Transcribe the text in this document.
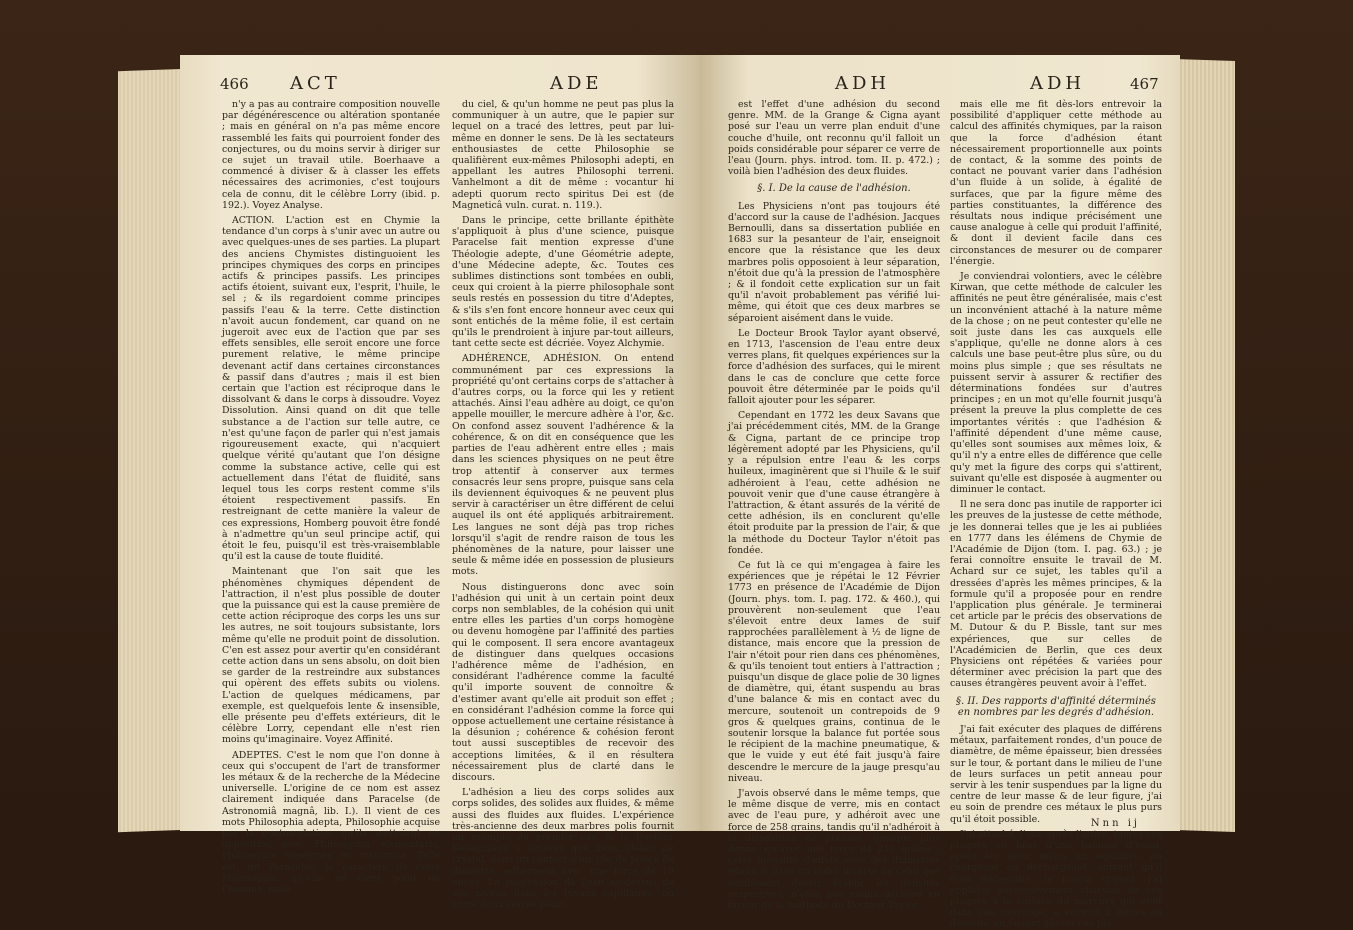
466 ACT	ADE

n'y a pas au contraire composition nouvelle par dégénérescence ou altération spontanée ; mais en général on n'a pas même encore rassemblé les faits qui pourroient fonder des conjectures, ou du moins servir à diriger sur ce sujet un travail utile. Boerhaave a commencé à diviser & à classer les effets nécessaires des acrimonies, c'est toujours cela de connu, dit le célèbre Lorry (ibid. p. 192.). Voyez Analyse.

ACTION. L'action est en Chymie la tendance d'un corps à s'unir avec un autre ou avec quelques-unes de ses parties. La plupart des anciens Chymistes distinguoient les principes chymiques des corps en principes actifs & principes passifs. Les principes actifs étoient, suivant eux, l'esprit, l'huile, le sel ; & ils regardoient comme principes passifs l'eau & la terre. Cette distinction n'avoit aucun fondement, car quand on ne jugeroit avec eux de l'action que par ses effets sensibles, elle seroit encore une force purement relative, le même principe devenant actif dans certaines circonstances & passif dans d'autres ; mais il est bien certain que l'action est réciproque dans le dissolvant & dans le corps à dissoudre. Voyez Dissolution. Ainsi quand on dit que telle substance a de l'action sur telle autre, ce n'est qu'une façon de parler qui n'est jamais rigoureusement exacte, qui n'acquiert quelque vérité qu'autant que l'on désigne comme la substance active, celle qui est actuellement dans l'état de fluidité, sans lequel tous les corps restent comme s'ils étoient respectivement passifs. En restreignant de cette manière la valeur de ces expressions, Homberg pouvoit être fondé à n'admettre qu'un seul principe actif, qui étoit le feu, puisqu'il est très-vraisemblable qu'il est la cause de toute fluidité.

Maintenant que l'on sait que les phénomènes chymiques dépendent de l'attraction, il n'est plus possible de douter que la puissance qui est la cause première de cette action réciproque des corps les uns sur les autres, ne soit toujours subsistante, lors même qu'elle ne produit point de dissolution. C'en est assez pour avertir qu'en considérant cette action dans un sens absolu, on doit bien se garder de la restreindre aux substances qui opèrent des effets subits ou violens. L'action de quelques médicamens, par exemple, est quelquefois lente & insensible, elle présente peu d'effets extérieurs, dit le célèbre Lorry, cependant elle n'est rien moins qu'imaginaire. Voyez Affinité.

ADEPTES. C'est le nom que l'on donne à ceux qui s'occupent de l'art de transformer les métaux & de la recherche de la Médecine universelle. L'origine de ce nom est assez clairement indiquée dans Paracelse (de Astronomiâ magnâ, lib. I.). Il vient de ces mots Philosophia adepta, Philosophie acquise par la contemplation, qu'ils mettoient en opposition avec Philosophia elementaris, Philosophie enseignée ou transmise. Telle est, dit Paracelse, le caractère de cette Philosophie, qu'elle ne vient point de l'homme, mais

du ciel, & qu'un homme ne peut pas plus la communiquer à un autre, que le papier sur lequel on a tracé des lettres, peut par lui-même en donner le sens. De là les sectateurs enthousiastes de cette Philosophie se qualifièrent eux-mêmes Philosophi adepti, en appellant les autres Philosophi terreni. Vanhelmont a dit de même : vocantur hi adepti quorum recto spiritus Dei est (de Magneticâ vuln. curat. n. 119.).

Dans le principe, cette brillante épithète s'appliquoit à plus d'une science, puisque Paracelse fait mention expresse d'une Théologie adepte, d'une Géométrie adepte, d'une Médecine adepte, &c. Toutes ces sublimes distinctions sont tombées en oubli, ceux qui croient à la pierre philosophale sont seuls restés en possession du titre d'Adeptes, & s'ils s'en font encore honneur avec ceux qui sont entichés de la même folie, il est certain qu'ils le prendroient à injure par-tout ailleurs, tant cette secte est décriée. Voyez Alchymie.

ADHÉRENCE, ADHÉSION. On entend communément par ces expressions la propriété qu'ont certains corps de s'attacher à d'autres corps, ou la force qui les y retient attachés. Ainsi l'eau adhère au doigt, ce qu'on appelle mouiller, le mercure adhère à l'or, &c. On confond assez souvent l'adhérence & la cohérence, & on dit en conséquence que les parties de l'eau adhèrent entre elles ; mais dans les sciences physiques on ne peut être trop attentif à conserver aux termes consacrés leur sens propre, puisque sans cela ils deviennent équivoques & ne peuvent plus servir à caractériser un être différent de celui auquel ils ont été appliqués arbitrairement. Les langues ne sont déjà pas trop riches lorsqu'il s'agit de rendre raison de tous les phénomènes de la nature, pour laisser une seule & même idée en possession de plusieurs mots.

Nous distinguerons donc avec soin l'adhésion qui unit à un certain point deux corps non semblables, de la cohésion qui unit entre elles les parties d'un corps homogène ou devenu homogène par l'affinité des parties qui le composent. Il sera encore avantageux de distinguer dans quelques occasions l'adhérence même de l'adhésion, en considérant l'adhérence comme la faculté qu'il importe souvent de connoître & d'estimer avant qu'elle ait produit son effet ; en considérant l'adhésion comme la force qui oppose actuellement une certaine résistance à la désunion ; cohérence & cohésion feront tout aussi susceptibles de recevoir des acceptions limitées, & il en résultera nécessairement plus de clarté dans le discours.

L'adhésion a lieu des corps solides aux corps solides, des solides aux fluides, & même aussi des fluides aux fluides. L'expérience très-ancienne des deux marbres polis fournit un exemple du premier cas, & le Docteur Desaguliers a observé que deux globes de crystal, dans un contact d'un 10e de pouce de diamètre, adhéroient avec une force de 19 onces. La suspension de l'eau au-dessus de son niveau dans les tuyaux capillaires, ou entre deux verres plans,

ADH	ADH	467

est l'effet d'une adhésion du second genre. MM. de la Grange & Cigna ayant posé sur l'eau un verre plan enduit d'une couche d'huile, ont reconnu qu'il falloit un poids considérable pour séparer ce verre de l'eau (Journ. phys. introd. tom. II. p. 472.) ; voilà bien l'adhésion des deux fluides.

§. I. De la cause de l'adhésion.

Les Physiciens n'ont pas toujours été d'accord sur la cause de l'adhésion. Jacques Bernoulli, dans sa dissertation publiée en 1683 sur la pesanteur de l'air, enseignoit encore que la résistance que les deux marbres polis opposoient à leur séparation, n'étoit due qu'à la pression de l'atmosphère ; & il fondoit cette explication sur un fait qu'il n'avoit probablement pas vérifié lui-même, qui étoit que ces deux marbres se séparoient aisément dans le vuide.

Le Docteur Brook Taylor ayant observé, en 1713, l'ascension de l'eau entre deux verres plans, fit quelques expériences sur la force d'adhésion des surfaces, qui le mirent dans le cas de conclure que cette force pouvoit être déterminée par le poids qu'il falloit ajouter pour les séparer.

Cependant en 1772 les deux Savans que j'ai précédemment cités, MM. de la Grange & Cigna, partant de ce principe trop légèrement adopté par les Physiciens, qu'il y a répulsion entre l'eau & les corps huileux, imaginèrent que si l'huile & le suif adhéroient à l'eau, cette adhésion ne pouvoit venir que d'une cause étrangère à l'attraction, & étant assurés de la vérité de cette adhésion, ils en conclurent qu'elle étoit produite par la pression de l'air, & que la méthode du Docteur Taylor n'étoit pas fondée.

Ce fut là ce qui m'engagea à faire les expériences que je répétai le 12 Février 1773 en présence de l'Académie de Dijon (Journ. phys. tom. I. pag. 172. & 460.), qui prouvèrent non-seulement que l'eau s'élevoit entre deux lames de suif rapprochées parallèlement à ½ de ligne de distance, mais encore que la pression de l'air n'étoit pour rien dans ces phénomènes, & qu'ils tenoient tout entiers à l'attraction ; puisqu'un disque de glace polie de 30 lignes de diamètre, qui, étant suspendu au bras d'une balance & mis en contact avec du mercure, soutenoit un contrepoids de 9 gros & quelques grains, continua de le soutenir lorsque la balance fut portée sous le récipient de la machine pneumatique, & que le vuide y eut été fait jusqu'à faire descendre le mercure de la jauge presqu'au niveau.

J'avois observé dans le même temps, que le même disque de verre, mis en contact avec de l'eau pure, y adhéroit avec une force de 258 grains, tandis qu'il n'adhéroit à la dissolution de potasse, quoique plus dense, qu'avec une force de 210 grains ; cette inégalité d'effets avec des diamètres égaux & dans un ordre inverse de celui que sembloient devoir établir les densités respectives, n'étoit pas moins décisive en faveur de la méthode du Docteur Taylor,

mais elle me fit dès-lors entrevoir la possibilité d'appliquer cette méthode au calcul des affinités chymiques, par la raison que la force d'adhésion étant nécessairement proportionnelle aux points de contact, & la somme des points de contact ne pouvant varier dans l'adhésion d'un fluide à un solide, à égalité de surfaces, que par la figure même des parties constituantes, la différence des résultats nous indique précisément une cause analogue à celle qui produit l'affinité, & dont il devient facile dans ces circonstances de mesurer ou de comparer l'énergie.

Je conviendrai volontiers, avec le célèbre Kirwan, que cette méthode de calculer les affinités ne peut être généralisée, mais c'est un inconvénient attaché à la nature même de la chose ; on ne peut contester qu'elle ne soit juste dans les cas auxquels elle s'applique, qu'elle ne donne alors à ces calculs une base peut-être plus sûre, ou du moins plus simple ; que ses résultats ne puissent servir à assurer & rectifier des déterminations fondées sur d'autres principes ; en un mot qu'elle fournit jusqu'à présent la preuve la plus complette de ces importantes vérités : que l'adhésion & l'affinité dépendent d'une même cause, qu'elles sont soumises aux mêmes loix, & qu'il n'y a entre elles de différence que celle qu'y met la figure des corps qui s'attirent, suivant qu'elle est disposée à augmenter ou diminuer le contact.

Il ne sera donc pas inutile de rapporter ici les preuves de la justesse de cette méthode, je les donnerai telles que je les ai publiées en 1777 dans les élémens de Chymie de l'Académie de Dijon (tom. I. pag. 63.) ; je ferai connoître ensuite le travail de M. Achard sur ce sujet, les tables qu'il a dressées d'après les mêmes principes, & la formule qu'il a proposée pour en rendre l'application plus générale. Je terminerai cet article par le précis des observations de M. Dutour & du P. Bissle, tant sur mes expériences, que sur celles de l'Académicien de Berlin, que ces deux Physiciens ont répétées & variées pour déterminer avec précision la part que des causes étrangères peuvent avoir à l'effet.

§. II. Des rapports d'affinité déterminés en nombres par les degrés d'adhésion.

J'ai fait exécuter des plaques de différens métaux, parfaitement rondes, d'un pouce de diamètre, de même épaisseur, bien dressées sur le tour, & portant dans le milieu de l'une de leurs surfaces un petit anneau pour servir à les tenir suspendues par la ligne du centre de leur masse & de leur figure, j'ai eu soin de prendre ces métaux le plus purs qu'il étoit possible.

J'ai attaché, l'une après l'autre, toutes ces plaques au bras d'une balance d'essai, après les avoir mises en équilibre, en chargeant ou déchargeant, suivant qu'il étoit nécessaire, le bassin opposé, j'ai appliqué successivement chacune de ces plaques à la surface du mercure qui étoit dans une soucoupe, à environ 2 lignes au dessous, en faisant glisser ces pla-

Nnn ij
